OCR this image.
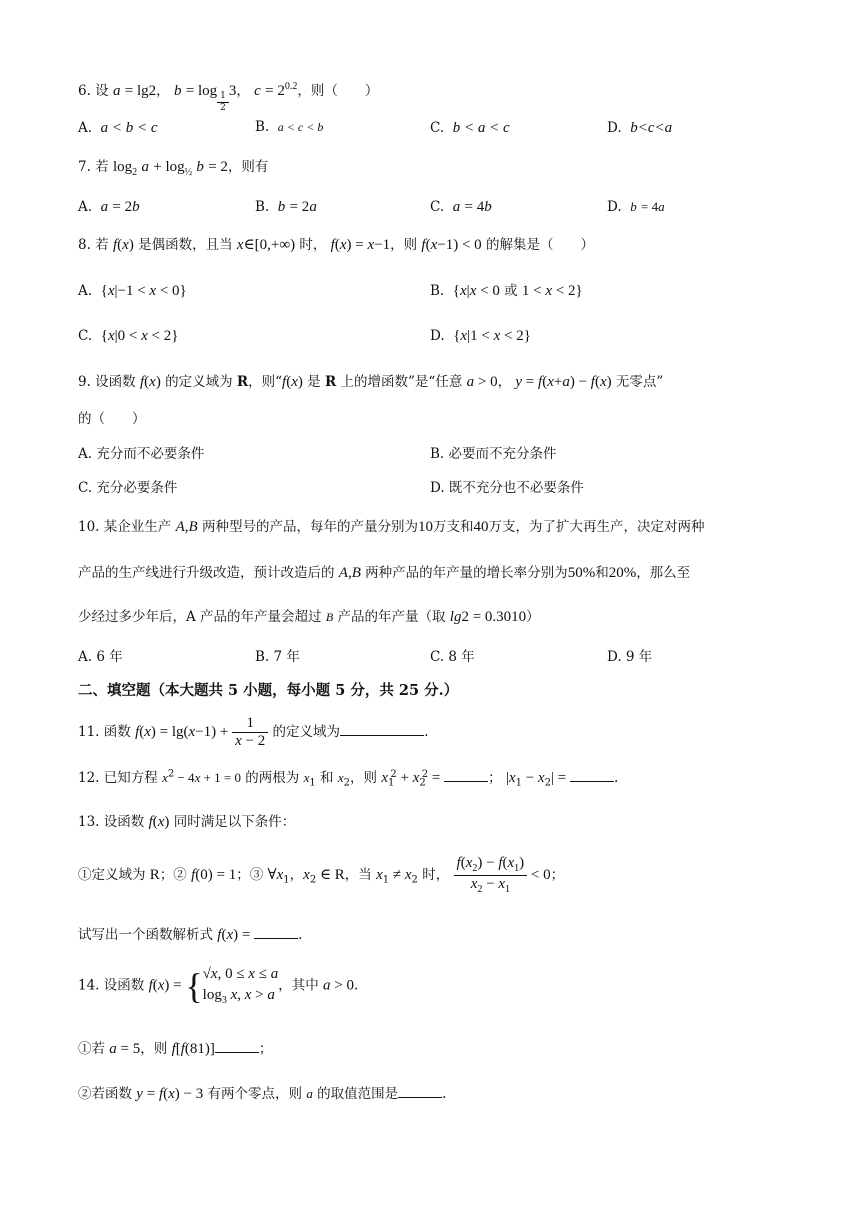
6. 设 a = lg2， b = log
$_{\frac{1}{2}}$
3， $c = 2^{0.2}$，则（　　）
A.  a < b < c	B.  a < c < b	C.  b < a < c	D.  b<c<a
7. 若 $\log_2 a + \log_{\frac{1}{2}} b = 2$，则有
A.  a = 2b	B.  b = 2a	C.  a = 4b	D.  b = 4a
8. 若 f(x) 是偶函数，且当 x∈[0,+∞) 时， f(x) = x−1，则 f(x−1) < 0 的解集是（　　）
A.  {x|−1 < x < 0}	B.  {x|x < 0 或 1 < x < 2}
C.  {x|0 < x < 2}	D.  {x|1 < x < 2}
9. 设函数 f(x) 的定义域为 R，则“f(x) 是 R 上的增函数”是“任意 a > 0， y = f(x+a) − f(x) 无零点”
的（　　）
A. 充分而不必要条件	B. 必要而不充分条件
C. 充分必要条件	D. 既不充分也不必要条件
10. 某企业生产 A,B 两种型号的产品，每年的产量分别为10万支和40万支，为了扩大再生产，决定对两种
产品的生产线进行升级改造，预计改造后的 A,B 两种产品的年产量的增长率分别为50%和20%，那么至
少经过多少年后，A 产品的年产量会超过 B 产品的年产量（取 lg2 = 0.3010）
A. 6 年	B. 7 年	C. 8 年	D. 9 年
二、填空题（本大题共 5 小题，每小题 5 分，共 25 分.）
11. 函数 $f(x) = \lg(x-1) + \frac{1}{x - 2}$ 的定义域为	.
12. 已知方程 $x^2 - 4x + 1 = 0$ 的两根为 $x_1$ 和 $x_2$，则 $x_1^2 + x_2^2$ =	； $|x_1 - x_2|$ =	.
13. 设函数 f(x) 同时满足以下条件：
①定义域为 R；② f(0) = 1；③ $\forall x_1$，$x_2$ ∈ R，当 $x_1 \ne x_2$ 时， $\frac{f(x_2) - f(x_1)}{x_2 - x_1} < 0$；
试写出一个函数解析式 f(x) =	.
14. 设函数 f(x) = { √x, 0 ≤ x ≤ a
$\log_3 x$, x > a
，其中 a > 0.
①若 a = 5，则 f[f(81)]	；
②若函数 y = f(x) − 3 有两个零点，则 a 的取值范围是	.
